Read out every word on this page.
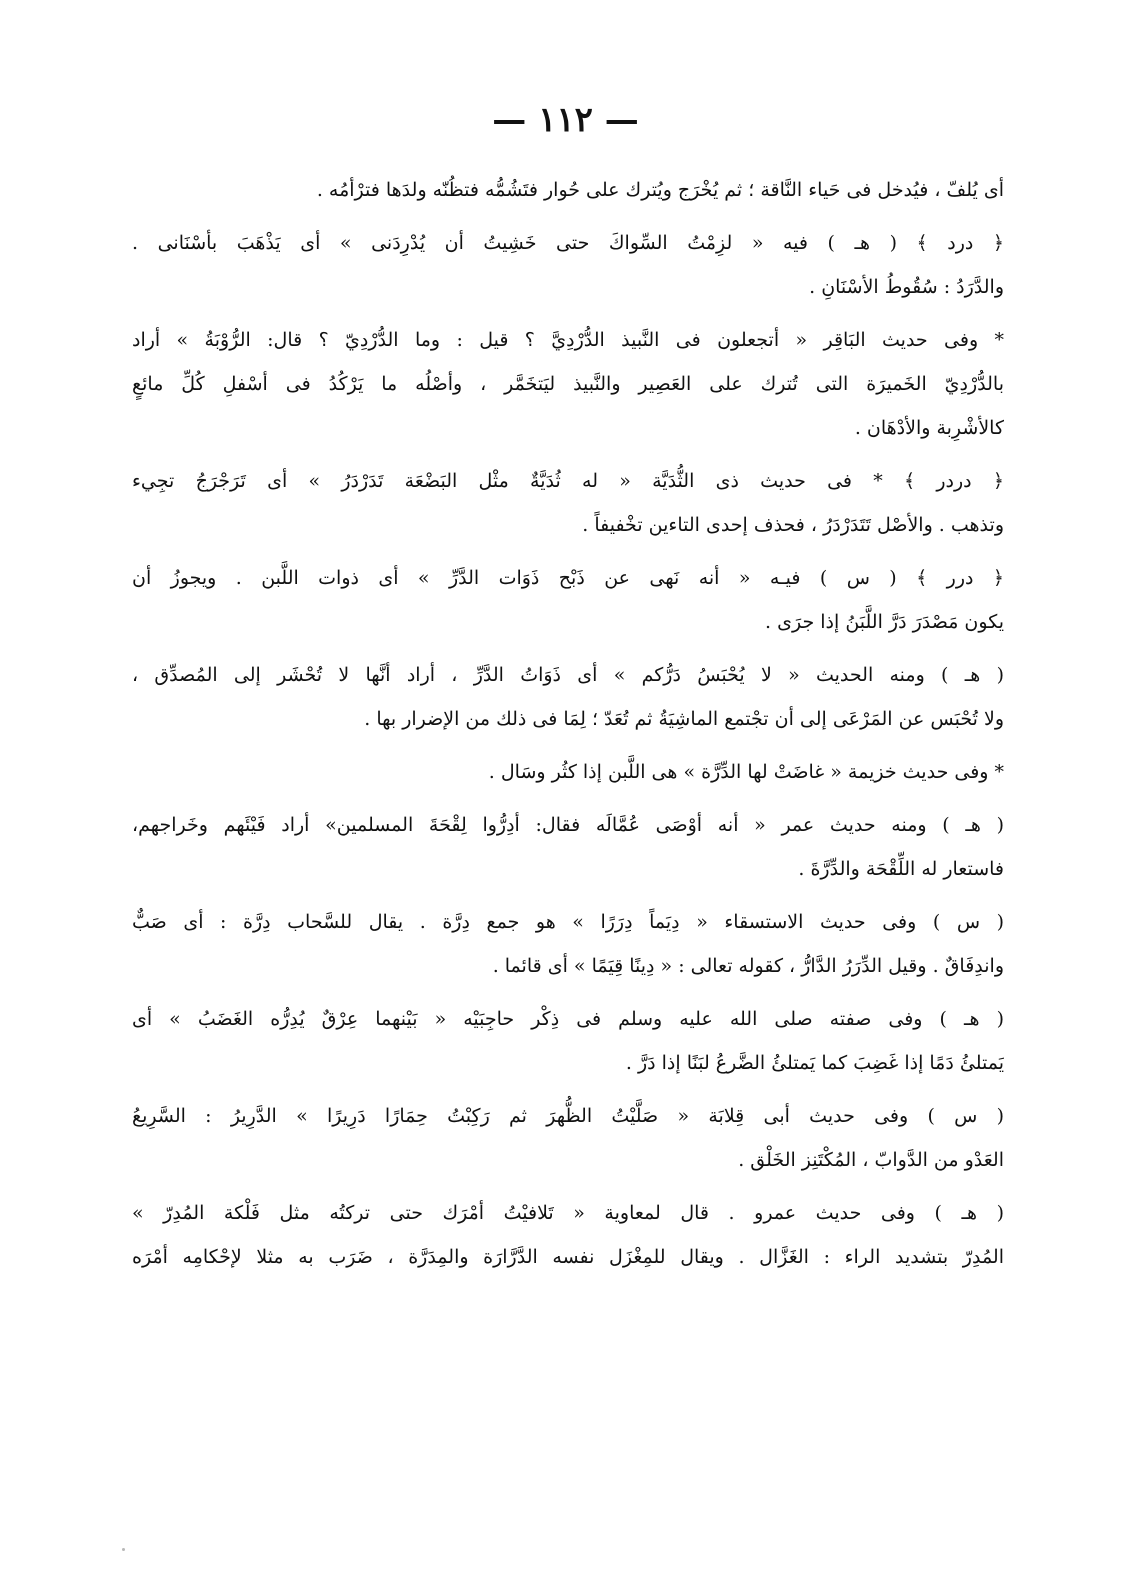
— ١١٢ —
أى يُلفّ ، فيُدخل فى حَياء النَّاقة ؛ ثم يُخْرَج ويُترك على حُوار فتَشُمُّه فتظُنّه ولدَها فترْأمُه .
﴿ درد ﴾ ( هـ ) فيه « لزِمْتُ السِّواكَ حتى خَشِيتُ أن يُدْرِدَنى » أى يَذْهَبَ بأسْنَانى .
والدَّرَدُ : سُقُوطُ الأسْنَانِ .
* وفى حديث البَاقِر « أتجعلون فى النَّبيذ الدُّرْدِيَّ ؟ قيل : وما الدُّرْدِيّ ؟ قال: الرُّوْبَةُ » أراد
بالدُّرْدِيّ الخَميرَة التى تُترك على العَصِير والنَّبيذ ليَتخَمَّر ، وأصْلُه ما يَرْكُدُ فى أسْفلِ كُلِّ مائعٍ
كالأشْرِبة والأدْهَان .
﴿ دردر ﴾ * فى حديث ذى الثُّدَيَّة « له ثُدَيَّةٌ مثْل البَضْعَة تَدَرْدَرُ » أى تَرَجْرَجُ تجِيء
وتذهب . والأصْل تَتَدَرْدَرُ ، فحذف إحدى التاءين تخْفيفاً .
﴿ درر ﴾ ( س ) فيـه « أنه نَهى عن ذَبْح ذَوَات الدَّرِّ » أى ذوات اللَّبن . ويجوزُ أن
يكون مَصْدَرَ دَرَّ اللَّبَنُ إذا جرَى .
( هـ ) ومنه الحديث « لا يُحْبَسُ دَرُّكم » أى ذَوَاتُ الدَّرِّ ، أراد أنَّها لا تُحْشَر إلى المُصدِّق ،
ولا تُحْبَس عن المَرْعَى إلى أن تجْتمع الماشِيَةُ ثم تُعَدّ ؛ لِمَا فى ذلك من الإضرار بها .
* وفى حديث خزيمة « غاضَتْ لها الدِّرَّة » هى اللَّبن إذا كثُر وسَال .
( هـ ) ومنه حديث عمر « أنه أوْصَى عُمَّالَه فقال: أدِرُّوا لِقْحَةَ المسلمين» أراد فَيْئَهم وخَراجهم،
فاستعار له اللِّقْحَة والدِّرَّةَ .
( س ) وفى حديث الاستسقاء « دِيَماً دِرَرًا » هو جمع دِرَّة . يقال للسَّحاب دِرَّة : أى صَبٌّ
واندِفَاقٌ . وقيل الدِّرَرُ الدَّارُّ ، كقوله تعالى : « دِينًا قِيَمًا » أى قائما .
( هـ ) وفى صفته صلى الله عليه وسلم فى ذِكْر حاجِبَيْه « بَيْنهما عِرْقٌ يُدِرُّه الغَضَبُ » أى
يَمتلئُ دَمًا إذا غَضِبَ كما يَمتلئُ الضَّرعُ لبَنًا إذا دَرَّ .
( س ) وفى حديث أبى قِلابَة « صَلَّيْتُ الظُّهرَ ثم رَكِبْتُ حِمَارًا دَرِيرًا » الدَّرِيرُ : السَّرِيعُ
العَدْو من الدَّوابّ ، المُكْتَنِز الخَلْق .
( هـ ) وفى حديث عمرو . قال لمعاوية « تَلافيْتُ أمْرَك حتى تركتُه مثل فَلْكة المُدِرّ »
المُدِرّ بتشديد الراء : الغَزَّال . ويقال للمِغْزَل نفسه الدَّرَّارَة والمِدَرَّة ، ضَرَب به مثلا لإحْكامِه أمْرَه
